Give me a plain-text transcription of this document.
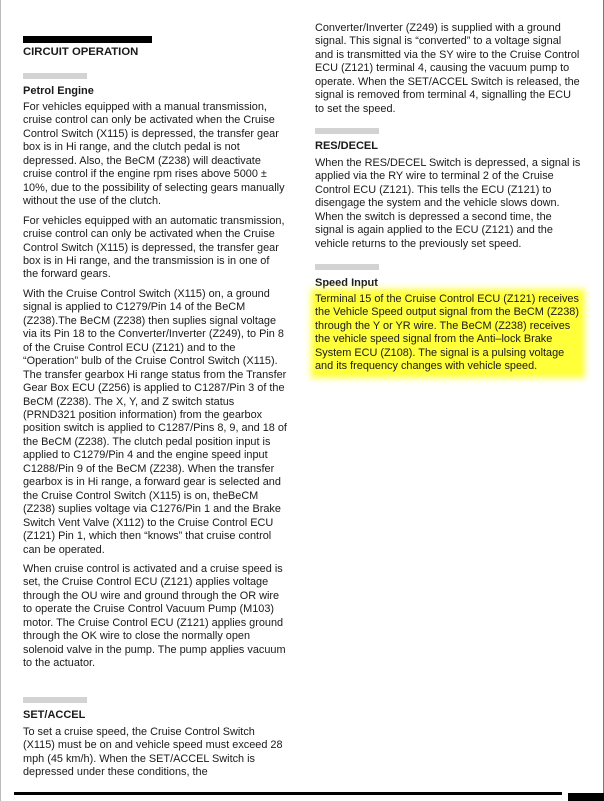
CIRCUIT OPERATION
Petrol Engine

For vehicles equipped with a manual transmission, cruise control can only be activated when the Cruise Control Switch (X115) is depressed, the transfer gear box is in Hi range, and the clutch pedal is not depressed. Also, the BeCM (Z238) will deactivate cruise control if the engine rpm rises above 5000 ± 10%, due to the possibility of selecting gears manually without the use of the clutch.

For vehicles equipped with an automatic transmission, cruise control can only be activated when the Cruise Control Switch (X115) is depressed, the transfer gear box is in Hi range, and the transmission is in one of the forward gears.

With the Cruise Control Switch (X115) on, a ground signal is applied to C1279/Pin 14 of the BeCM (Z238).The BeCM (Z238) then suplies signal voltage via its Pin 18 to the Converter/Inverter (Z249), to Pin 8 of the Cruise Control ECU (Z121) and to the “Operation” bulb of the Cruise Control Switch (X115). The transfer gearbox Hi range status from the Transfer Gear Box ECU (Z256) is applied to C1287/Pin 3 of the BeCM (Z238). The X, Y, and Z switch status (PRND321 position information) from the gearbox position switch is applied to C1287/Pins 8, 9, and 18 of the BeCM (Z238). The clutch pedal position input is applied to C1279/Pin 4 and the engine speed input C1288/Pin 9 of the BeCM (Z238). When the transfer gearbox is in Hi range, a forward gear is selected and the Cruise Control Switch (X115) is on, theBeCM (Z238) suplies voltage via C1276/Pin 1 and the Brake Switch Vent Valve (X112) to the Cruise Control ECU (Z121) Pin 1, which then “knows” that cruise control can be operated.

When cruise control is activated and a cruise speed is set, the Cruise Control ECU (Z121) applies voltage through the OU wire and ground through the OR wire to operate the Cruise Control Vacuum Pump (M103) motor. The Cruise Control ECU (Z121) applies ground through the OK wire to close the normally open solenoid valve in the pump. The pump applies vacuum to the actuator.

SET/ACCEL

To set a cruise speed, the Cruise Control Switch (X115) must be on and vehicle speed must exceed 28 mph (45 km/h). When the SET/ACCEL Switch is depressed under these conditions, the

Converter/Inverter (Z249) is supplied with a ground signal. This signal is “converted” to a voltage signal and is transmitted via the SY wire to the Cruise Control ECU (Z121) terminal 4, causing the vacuum pump to operate. When the SET/ACCEL Switch is released, the signal is removed from terminal 4, signalling the ECU to set the speed.

RES/DECEL

When the RES/DECEL Switch is depressed, a signal is applied via the RY wire to terminal 2 of the Cruise Control ECU (Z121). This tells the ECU (Z121) to disengage the system and the vehicle slows down. When the switch is depressed a second time, the signal is again applied to the ECU (Z121) and the vehicle returns to the previously set speed.

Speed Input

Terminal 15 of the Cruise Control ECU (Z121) receives the Vehicle Speed output signal from the BeCM (Z238) through the Y or YR wire. The BeCM (Z238) receives the vehicle speed signal from the Anti–lock Brake System ECU (Z108). The signal is a pulsing voltage and its frequency changes with vehicle speed.
